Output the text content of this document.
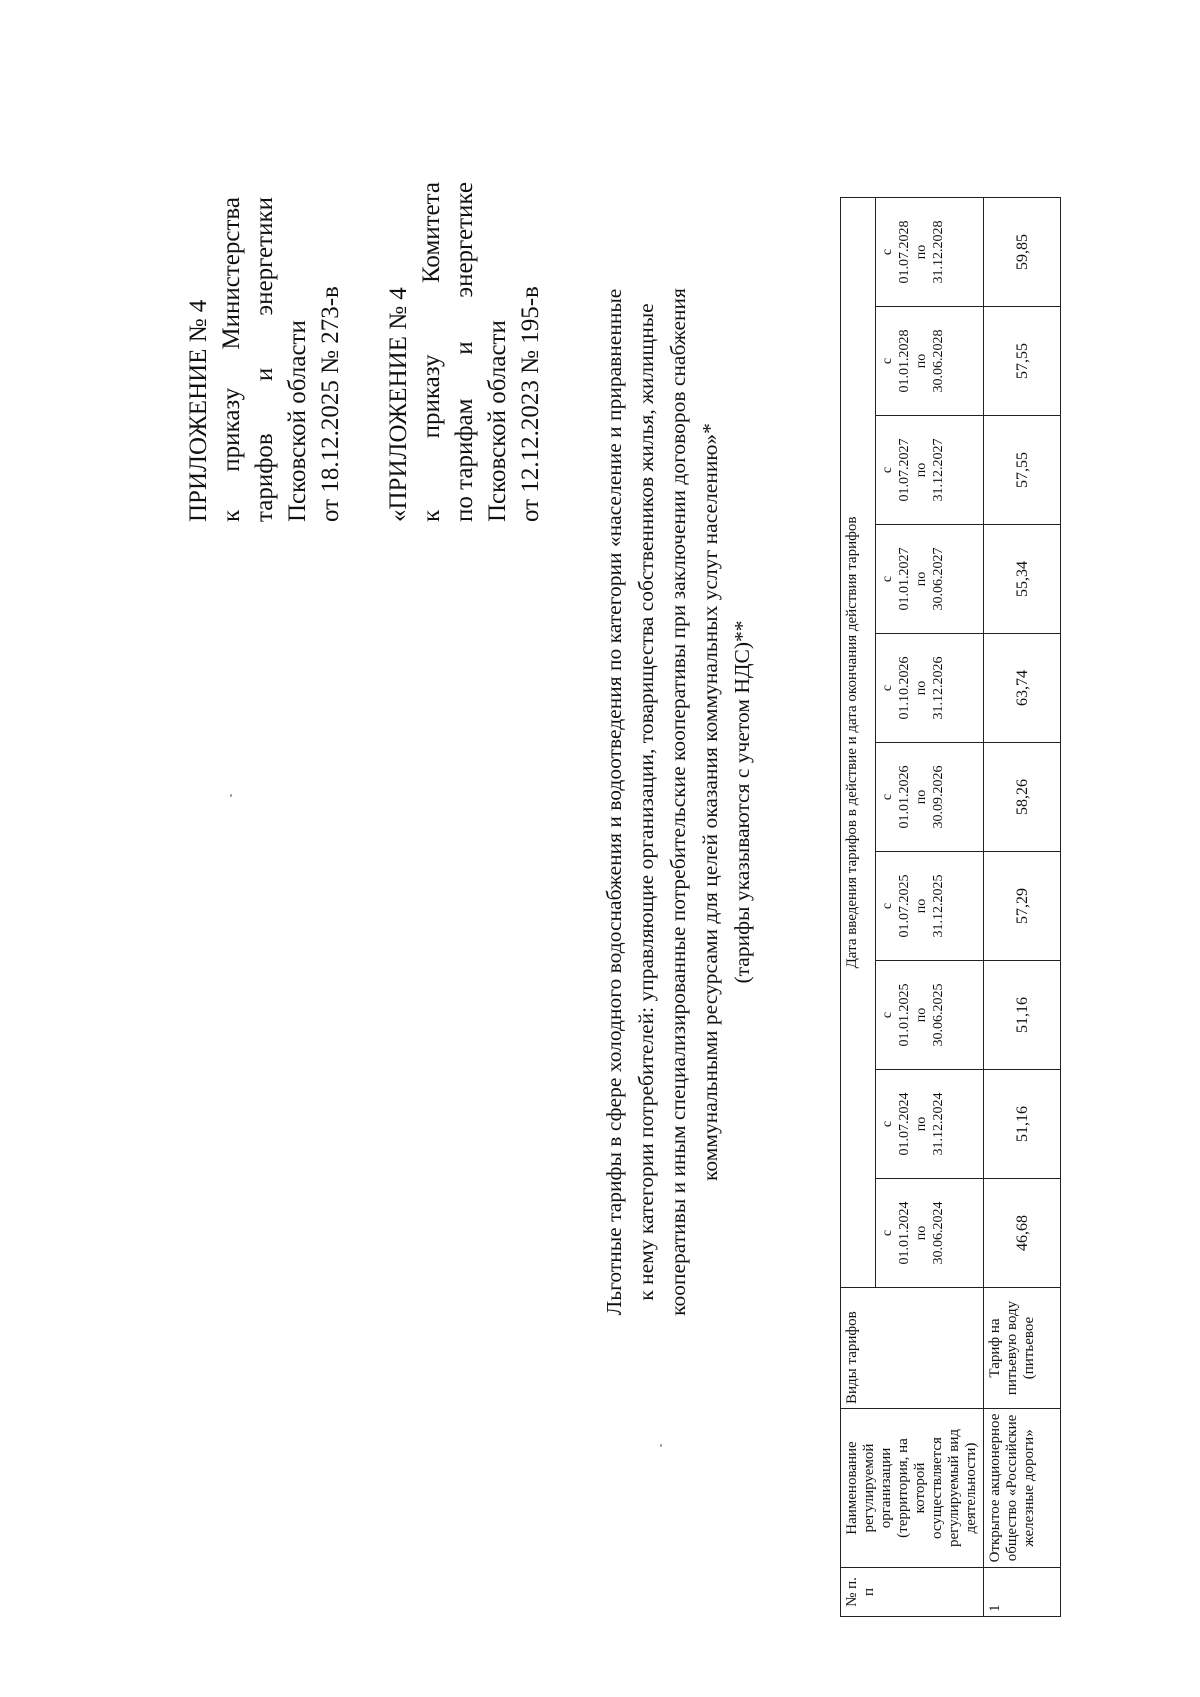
ПРИЛОЖЕНИЕ № 4 к
приказу
Министерства
тарифов
и
энергетики
Псковской области от 18.12.2025 № 273-в «ПРИЛОЖЕНИЕ № 4 к
приказу
Комитета
по тарифам
и
энергетике
Псковской области от 12.12.2023 № 195-в	Льготные тарифы в сфере холодного водоснабжения и водоотведения по категории «население и приравненные к нему категории потребителей: управляющие организации, товарищества собственников жилья, жилищные кооперативы и иным специализированные потребительские кооперативы при заключении договоров снабжения коммунальными ресурсами для целей оказания коммунальных услуг населению»* (тарифы указываются с учетом НДС)**
№ п. п	Наименование регулируемой организации (территория, на которой осуществляется регулируемый вид деятельности)	Виды тарифов	Дата введения тарифов в действие и дата окончания действия тарифов									

			с 01.01.2024 по 30.06.2024	с 01.07.2024 по 31.12.2024	с 01.01.2025 по 30.06.2025	с 01.07.2025 по 31.12.2025	с 01.01.2026 по 30.09.2026	с 01.10.2026 по 31.12.2026	с 01.01.2027 по 30.06.2027	с 01.07.2027 по 31.12.2027	с 01.01.2028 по 30.06.2028	с 01.07.2028 по 31.12.2028

1	Открытое акционерное общество «Российские железные дороги»	Тариф на питьевую воду (питьевое	46,68	51,16	51,16	57,29	58,26	63,74	55,34	57,55	57,55	59,85
